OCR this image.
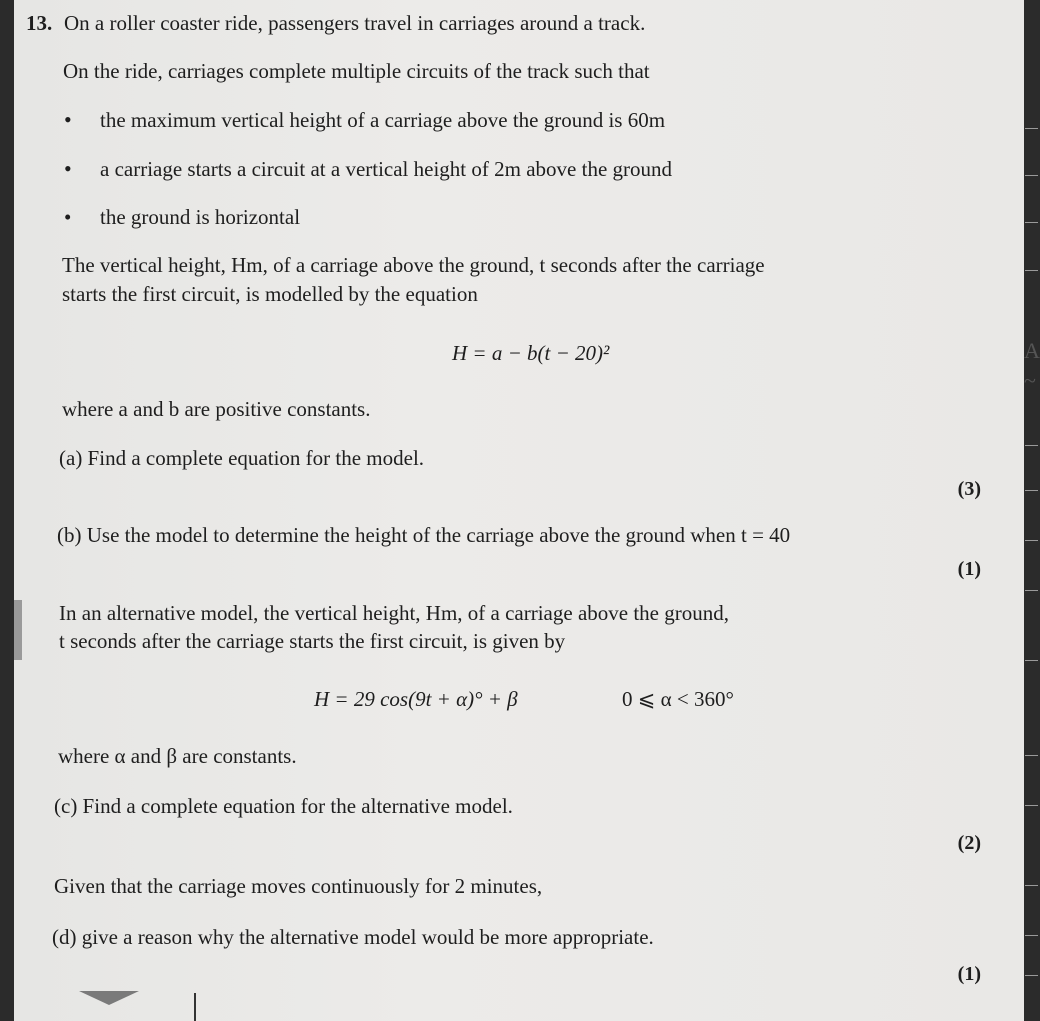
A
~
13. On a roller coaster ride, passengers travel in carriages around a track.
On the ride, carriages complete multiple circuits of the track such that
• the maximum vertical height of a carriage above the ground is 60m
• a carriage starts a circuit at a vertical height of 2m above the ground
• the ground is horizontal
The vertical height, Hm, of a carriage above the ground, t seconds after the carriage
starts the first circuit, is modelled by the equation
H = a − b(t − 20)²
where a and b are positive constants.
(a) Find a complete equation for the model.
(3)
(b) Use the model to determine the height of the carriage above the ground when t = 40
(1)
In an alternative model, the vertical height, Hm, of a carriage above the ground,
t seconds after the carriage starts the first circuit, is given by
H = 29 cos(9t + α)° + β	0 ⩽ α < 360°
where α and β are constants.
(c) Find a complete equation for the alternative model.
(2)
Given that the carriage moves continuously for 2 minutes,
(d) give a reason why the alternative model would be more appropriate.
(1)
